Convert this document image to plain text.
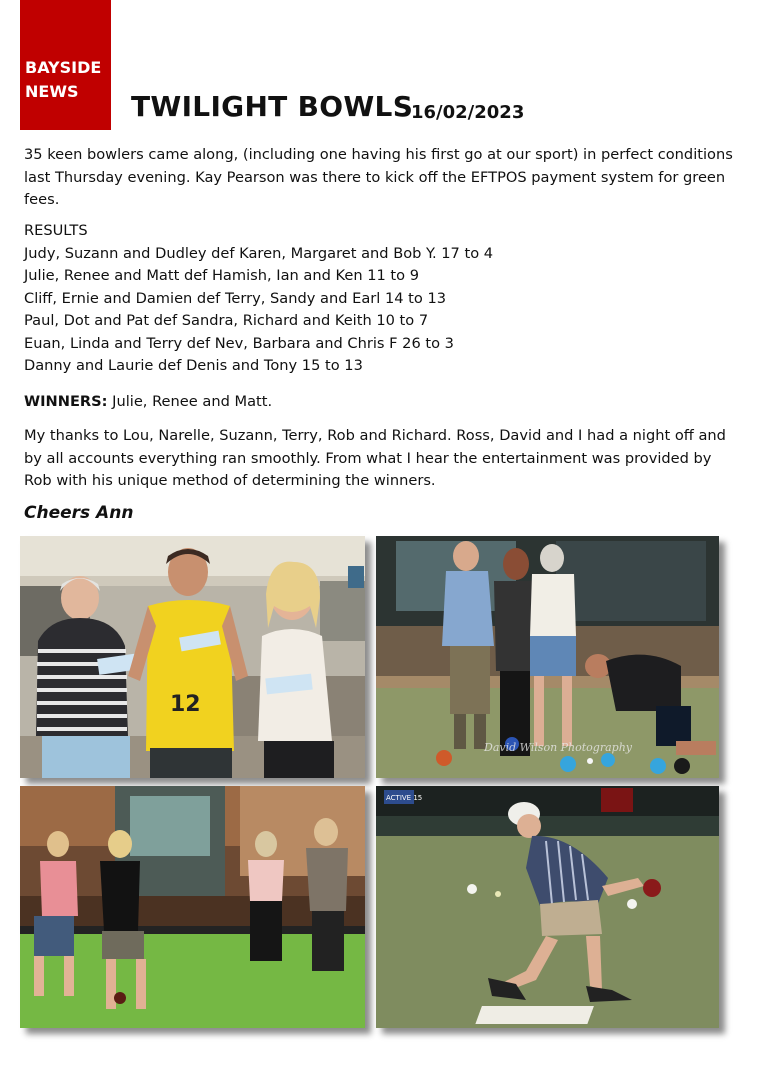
BAYSIDE
NEWS TWILIGHT BOWLS
16/02/2023
35 keen bowlers came along, (including one having his first go at our sport) in perfect conditions last Thursday evening. Kay Pearson was there to kick off the EFTPOS payment system for green fees.
RESULTS
Judy, Suzann and Dudley def Karen, Margaret and Bob Y. 17 to 4
Julie, Renee and Matt def Hamish, Ian and Ken 11 to 9
Cliff, Ernie and Damien def Terry, Sandy and Earl 14 to 13
Paul, Dot and Pat def Sandra, Richard and Keith 10 to 7
Euan, Linda and Terry def Nev, Barbara and Chris F 26 to 3
Danny and Laurie def Denis and Tony 15 to 13
WINNERS: Julie, Renee and Matt.
My thanks to Lou, Narelle, Suzann, Terry, Rob and Richard. Ross, David and I had a night off and by all accounts everything ran smoothly. From what I hear the entertainment was provided by Rob with his unique method of determining the winners.
Cheers Ann
12
David Wilson Photography
ACTIVE 15
